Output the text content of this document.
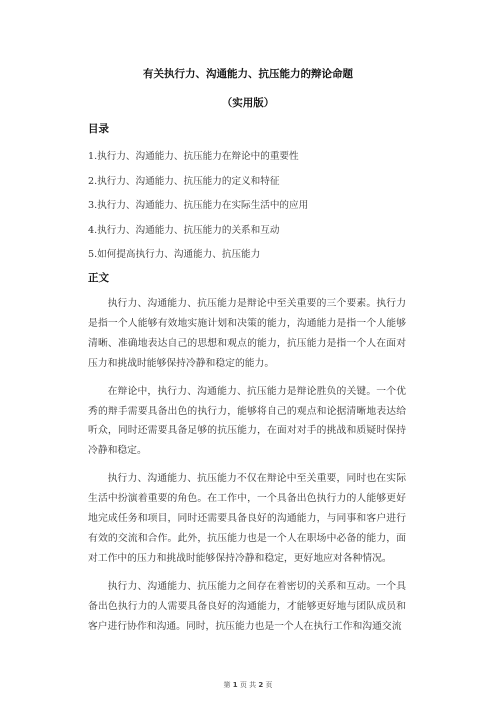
有关执行力、沟通能力、抗压能力的辩论命题
（实用版）
目录
1.执行力、沟通能力、抗压能力在辩论中的重要性
2.执行力、沟通能力、抗压能力的定义和特征
3.执行力、沟通能力、抗压能力在实际生活中的应用
4.执行力、沟通能力、抗压能力的关系和互动
5.如何提高执行力、沟通能力、抗压能力
正文

执行力、沟通能力、抗压能力是辩论中至关重要的三个要素。执行力是指一个人能够有效地实施计划和决策的能力，沟通能力是指一个人能够清晰、准确地表达自己的思想和观点的能力，抗压能力是指一个人在面对压力和挑战时能够保持冷静和稳定的能力。

在辩论中，执行力、沟通能力、抗压能力是辩论胜负的关键。一个优秀的辩手需要具备出色的执行力，能够将自己的观点和论据清晰地表达给听众，同时还需要具备足够的抗压能力，在面对对手的挑战和质疑时保持冷静和稳定。

执行力、沟通能力、抗压能力不仅在辩论中至关重要，同时也在实际生活中扮演着重要的角色。在工作中，一个具备出色执行力的人能够更好地完成任务和项目，同时还需要具备良好的沟通能力，与同事和客户进行有效的交流和合作。此外，抗压能力也是一个人在职场中必备的能力，面对工作中的压力和挑战时能够保持冷静和稳定，更好地应对各种情况。

执行力、沟通能力、抗压能力之间存在着密切的关系和互动。一个具备出色执行力的人需要具备良好的沟通能力，才能够更好地与团队成员和客户进行协作和沟通。同时，抗压能力也是一个人在执行工作和沟通交流

第 1 页 共 2 页
